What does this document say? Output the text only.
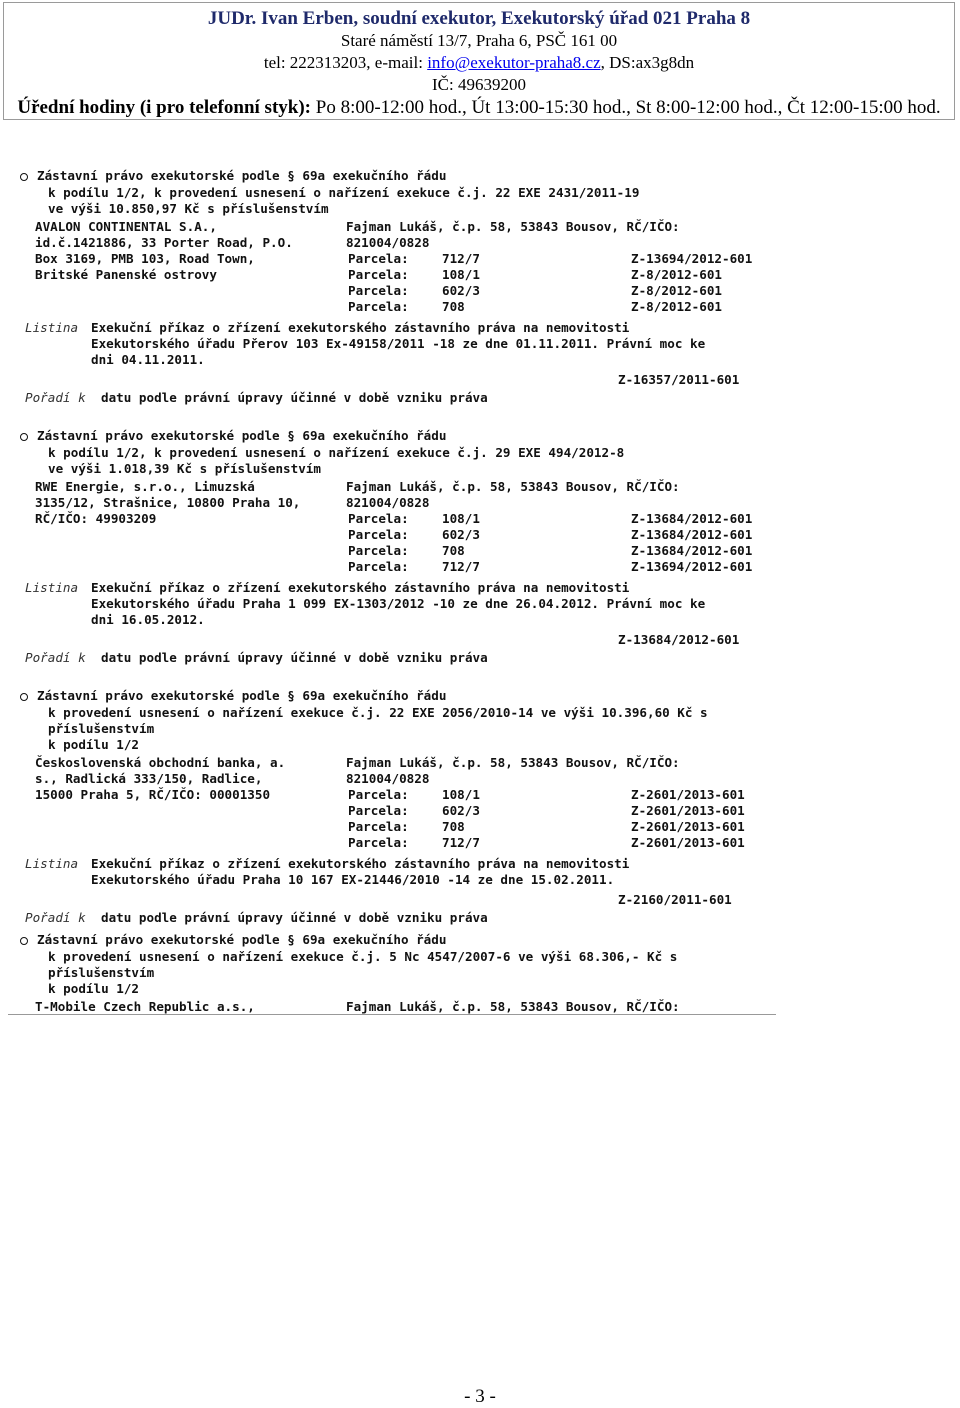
JUDr. Ivan Erben, soudní exekutor, Exekutorský úřad 021 Praha 8
Staré náměstí 13/7, Praha 6, PSČ 161 00
tel: 222313203, e-mail: info@exekutor-praha8.cz, DS:ax3g8dn
IČ: 49639200
Úřední hodiny (i pro telefonní styk): Po 8:00-12:00 hod., Út 13:00-15:30 hod., St 8:00-12:00 hod., Čt 12:00-15:00 hod.
Zástavní právo exekutorské podle § 69a exekučního řádu
k podílu 1/2, k provedení usnesení o nařízení exekuce č.j. 22 EXE 2431/2011-19
ve výši 10.850,97 Kč s příslušenstvím
AVALON CONTINENTAL S.A.,
id.č.1421886, 33 Porter Road, P.O.
Box 3169, PMB 103, Road Town,
Britské Panenské ostrovy
Fajman Lukáš, č.p. 58, 53843 Bousov, RČ/IČO:
821004/0828
Parcela:	712/7	Z-13694/2012-601
Parcela:	108/1	Z-8/2012-601
Parcela:	602/3	Z-8/2012-601
Parcela:	708	Z-8/2012-601
Listina Exekuční příkaz o zřízení exekutorského zástavního práva na nemovitosti
Exekutorského úřadu Přerov 103 Ex-49158/2011 -18 ze dne 01.11.2011. Právní moc ke
dni 04.11.2011.
Z-16357/2011-601
Pořadí k datu podle právní úpravy účinné v době vzniku práva
Zástavní právo exekutorské podle § 69a exekučního řádu
k podílu 1/2, k provedení usnesení o nařízení exekuce č.j. 29 EXE 494/2012-8
ve výši 1.018,39 Kč s příslušenstvím
RWE Energie, s.r.o., Limuzská
3135/12, Strašnice, 10800 Praha 10,
RČ/IČO: 49903209
Fajman Lukáš, č.p. 58, 53843 Bousov, RČ/IČO:
821004/0828
Parcela:	108/1	Z-13684/2012-601
Parcela:	602/3	Z-13684/2012-601
Parcela:	708	Z-13684/2012-601
Parcela:	712/7	Z-13694/2012-601
Listina Exekuční příkaz o zřízení exekutorského zástavního práva na nemovitosti
Exekutorského úřadu Praha 1 099 EX-1303/2012 -10 ze dne 26.04.2012. Právní moc ke
dni 16.05.2012.
Z-13684/2012-601
Pořadí k datu podle právní úpravy účinné v době vzniku práva
Zástavní právo exekutorské podle § 69a exekučního řádu
k provedení usnesení o nařízení exekuce č.j. 22 EXE 2056/2010-14 ve výši 10.396,60 Kč s
příslušenstvím
k podílu 1/2
Československá obchodní banka, a.
s., Radlická 333/150, Radlice,
15000 Praha 5, RČ/IČO: 00001350
Fajman Lukáš, č.p. 58, 53843 Bousov, RČ/IČO:
821004/0828
Parcela:	108/1	Z-2601/2013-601
Parcela:	602/3	Z-2601/2013-601
Parcela:	708	Z-2601/2013-601
Parcela:	712/7	Z-2601/2013-601
Listina Exekuční příkaz o zřízení exekutorského zástavního práva na nemovitosti
Exekutorského úřadu Praha 10 167 EX-21446/2010 -14 ze dne 15.02.2011.
Z-2160/2011-601
Pořadí k datu podle právní úpravy účinné v době vzniku práva
Zástavní právo exekutorské podle § 69a exekučního řádu
k provedení usnesení o nařízení exekuce č.j. 5 Nc 4547/2007-6 ve výši 68.306,- Kč s
příslušenstvím
k podílu 1/2
T-Mobile Czech Republic a.s.,	Fajman Lukáš, č.p. 58, 53843 Bousov, RČ/IČO:
- 3 -
